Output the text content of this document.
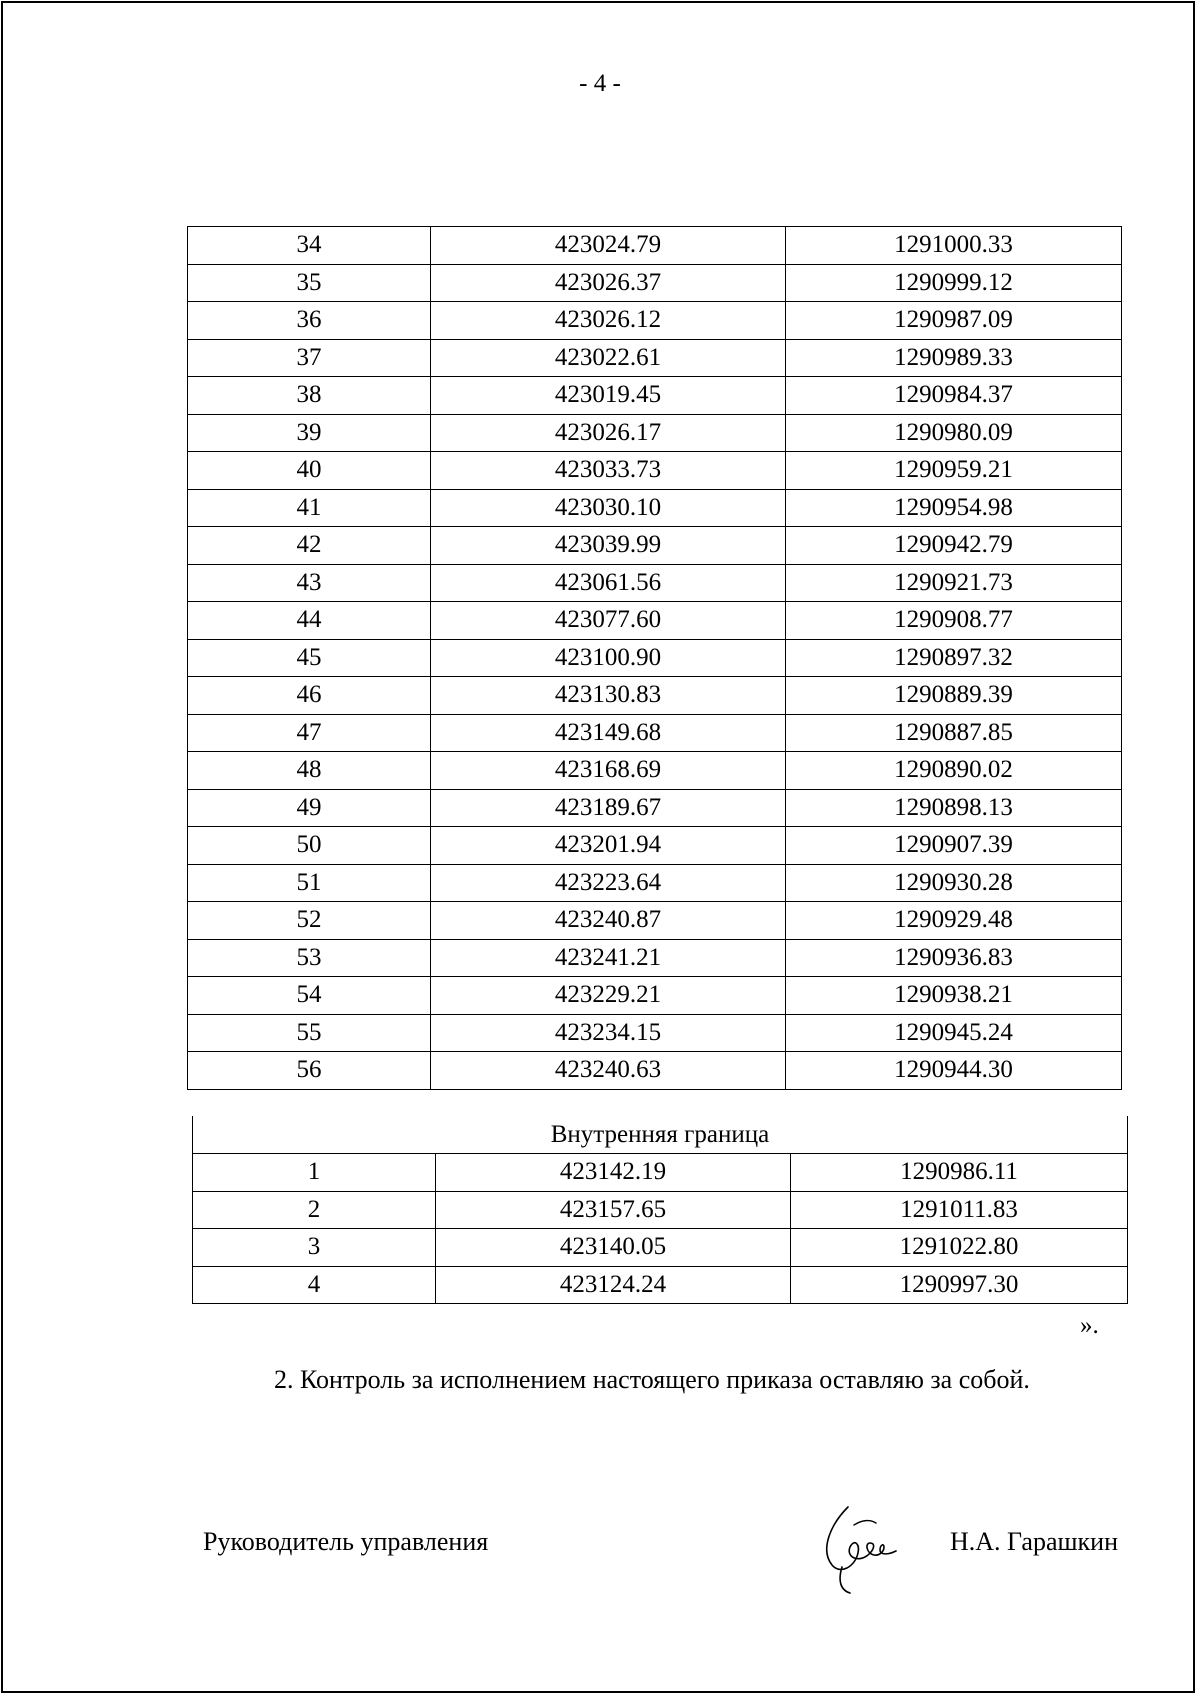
- 4 -
34	423024.79	1291000.33
35	423026.37	1290999.12
36	423026.12	1290987.09
37	423022.61	1290989.33
38	423019.45	1290984.37
39	423026.17	1290980.09
40	423033.73	1290959.21
41	423030.10	1290954.98
42	423039.99	1290942.79
43	423061.56	1290921.73
44	423077.60	1290908.77
45	423100.90	1290897.32
46	423130.83	1290889.39
47	423149.68	1290887.85
48	423168.69	1290890.02
49	423189.67	1290898.13
50	423201.94	1290907.39
51	423223.64	1290930.28
52	423240.87	1290929.48
53	423241.21	1290936.83
54	423229.21	1290938.21
55	423234.15	1290945.24
56	423240.63	1290944.30
Внутренняя граница
1	423142.19	1290986.11
2	423157.65	1291011.83
3	423140.05	1291022.80
4	423124.24	1290997.30
».
2. Контроль за исполнением настоящего приказа оставляю за собой.
Руководитель управления	Н.А. Гарашкин
